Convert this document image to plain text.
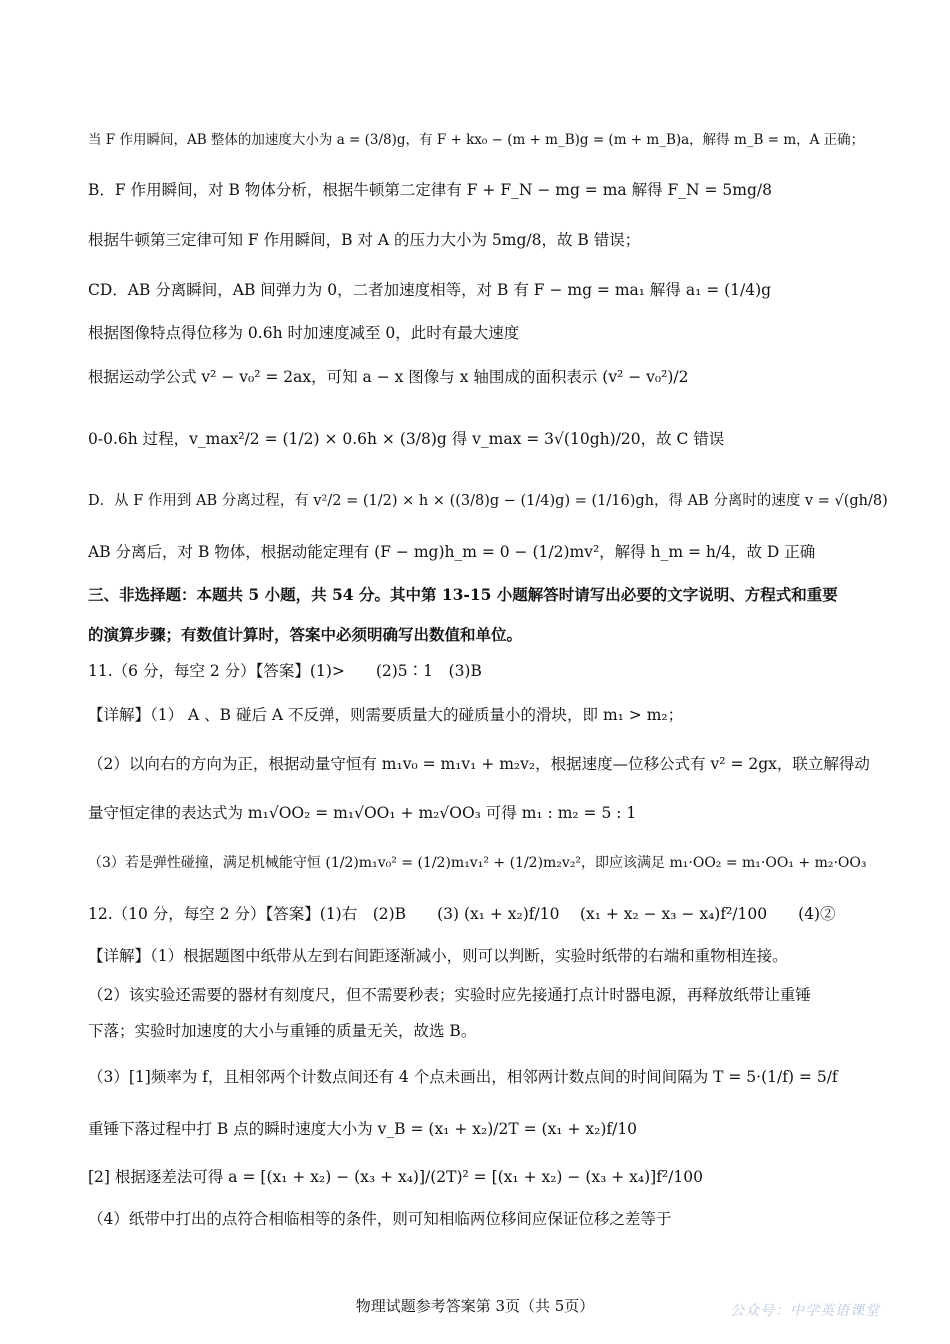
当 F 作用瞬间，AB 整体的加速度大小为 a = (3/8)g，有 F + kx₀ − (m + m_B)g = (m + m_B)a，解得 m_B = m，A 正确；
B．F 作用瞬间，对 B 物体分析，根据牛顿第二定律有 F + F_N − mg = ma 解得 F_N = 5mg/8
根据牛顿第三定律可知 F 作用瞬间，B 对 A 的压力大小为 5mg/8，故 B 错误；
CD．AB 分离瞬间，AB 间弹力为 0，二者加速度相等，对 B 有 F − mg = ma₁ 解得 a₁ = (1/4)g
根据图像特点得位移为 0.6h 时加速度减至 0，此时有最大速度
根据运动学公式 v² − v₀² = 2ax，可知 a − x 图像与 x 轴围成的面积表示 (v² − v₀²)/2
0-0.6h 过程，v_max²/2 = (1/2) × 0.6h × (3/8)g 得 v_max = 3√(10gh)/20，故 C 错误
D．从 F 作用到 AB 分离过程，有 v²/2 = (1/2) × h × ((3/8)g − (1/4)g) = (1/16)gh，得 AB 分离时的速度 v = √(gh/8)
AB 分离后，对 B 物体，根据动能定理有 (F − mg)h_m = 0 − (1/2)mv²，解得 h_m = h/4，故 D 正确
三、非选择题：本题共 5 小题，共 54 分。其中第 13-15 小题解答时请写出必要的文字说明、方程式和重要
的演算步骤；有数值计算时，答案中必须明确写出数值和单位。
11.（6 分，每空 2 分）【答案】(1)>　　(2)5∶1　(3)B
【详解】（1） A 、B 碰后 A 不反弹，则需要质量大的碰质量小的滑块，即 m₁ > m₂；
（2）以向右的方向为正，根据动量守恒有 m₁v₀ = m₁v₁ + m₂v₂，根据速度—位移公式有 v² = 2gx，联立解得动
量守恒定律的表达式为 m₁√OO₂ = m₁√OO₁ + m₂√OO₃ 可得 m₁ : m₂ = 5 : 1
（3）若是弹性碰撞，满足机械能守恒 (1/2)m₁v₀² = (1/2)m₁v₁² + (1/2)m₂v₂²，即应该满足 m₁·OO₂ = m₁·OO₁ + m₂·OO₃
12.（10 分，每空 2 分）【答案】(1)右　(2)B　　(3) (x₁ + x₂)f/10　 (x₁ + x₂ − x₃ − x₄)f²/100　　(4)②
【详解】（1）根据题图中纸带从左到右间距逐渐减小，则可以判断，实验时纸带的右端和重物相连接。
（2）该实验还需要的器材有刻度尺，但不需要秒表；实验时应先接通打点计时器电源，再释放纸带让重锤
下落；实验时加速度的大小与重锤的质量无关，故选 B。
（3）[1]频率为 f，且相邻两个计数点间还有 4 个点未画出，相邻两计数点间的时间间隔为 T = 5·(1/f) = 5/f
重锤下落过程中打 B 点的瞬时速度大小为 v_B = (x₁ + x₂)/2T = (x₁ + x₂)f/10
[2] 根据逐差法可得 a = [(x₁ + x₂) − (x₃ + x₄)]/(2T)² = [(x₁ + x₂) − (x₃ + x₄)]f²/100
（4）纸带中打出的点符合相临相等的条件，则可知相临两位移间应保证位移之差等于
物理试题参考答案第 3页（共 5页）	公众号：中学英语课堂
